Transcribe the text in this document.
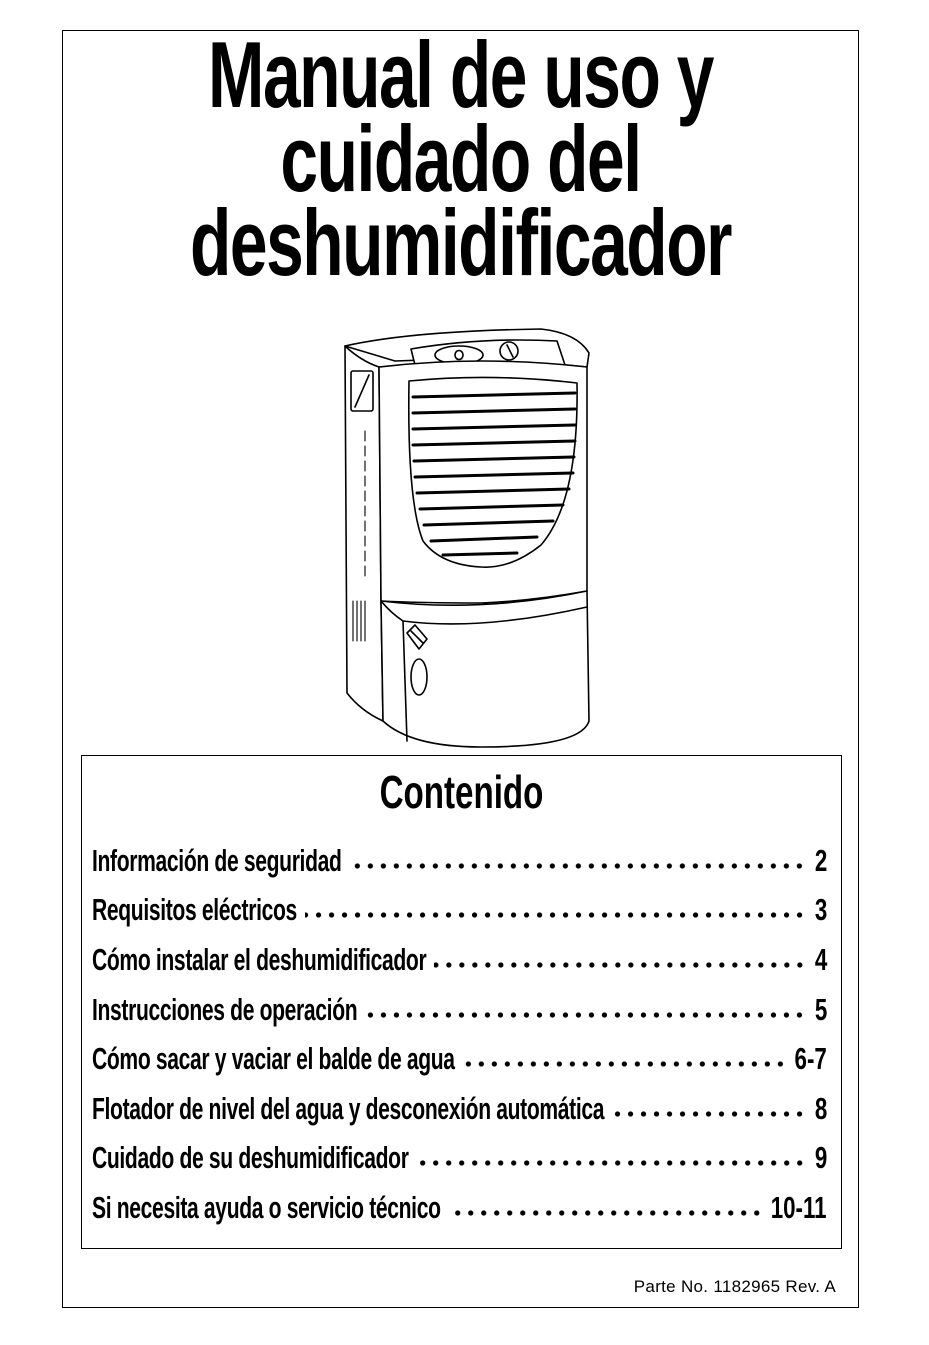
Manual de uso y
cuidado del
deshumidificador
Contenido
Información de seguridad	2
Requisitos eléctricos	3
Cómo instalar el deshumidificador	4
Instrucciones de operación	5
Cómo sacar y vaciar el balde de agua	6-7
Flotador de nivel del agua y desconexión automática	8
Cuidado de su deshumidificador	9
Si necesita ayuda o servicio técnico	10-11
Parte No. 1182965 Rev. A
